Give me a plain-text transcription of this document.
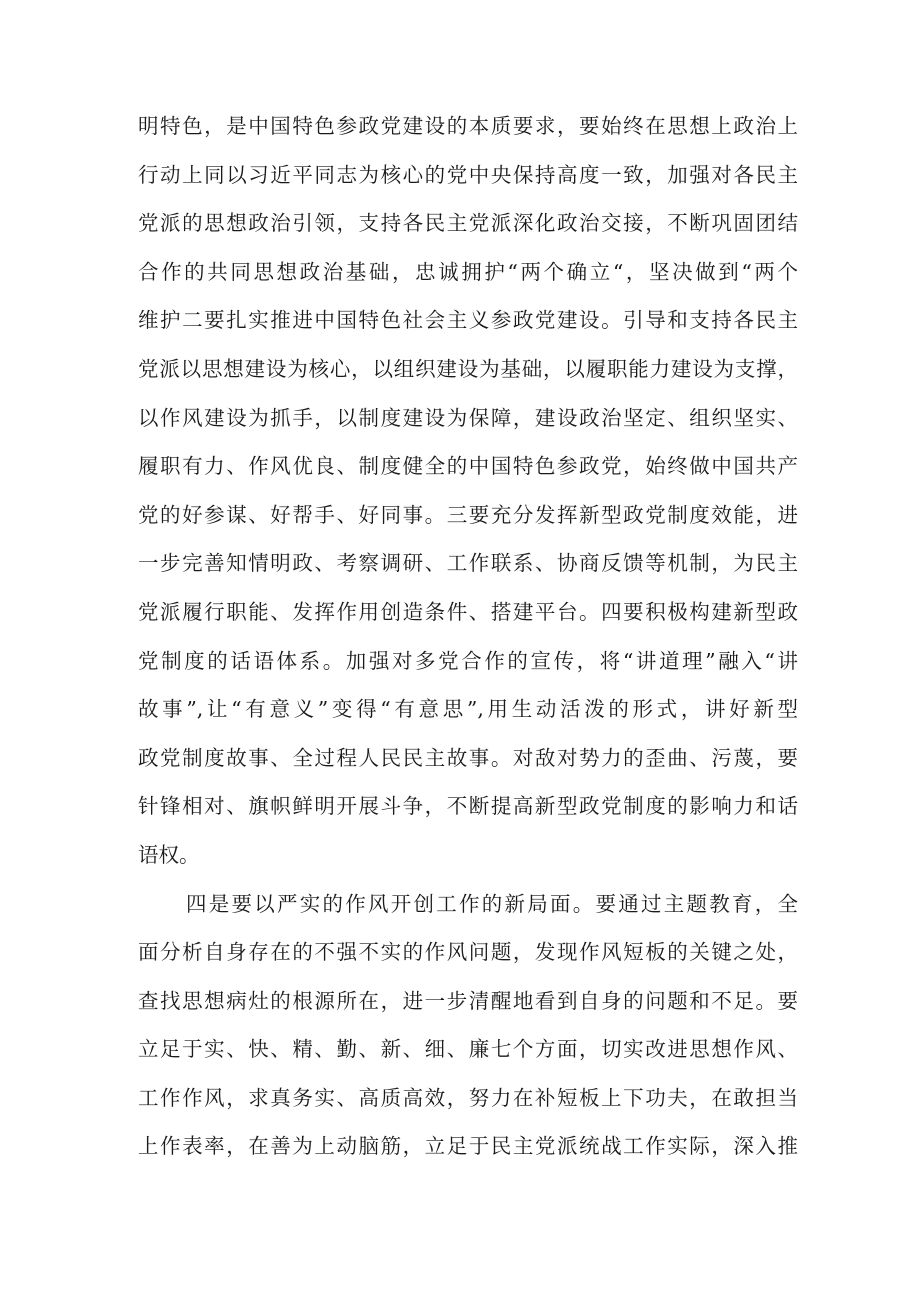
明特色，是中国特色参政党建设的本质要求，要始终在思想上政治上
行动上同以习近平同志为核心的党中央保持高度一致，加强对各民主
党派的思想政治引领，支持各民主党派深化政治交接，不断巩固团结
合作的共同思想政治基础，忠诚拥护“两个确立“，坚决做到“两个
维护二要扎实推进中国特色社会主义参政党建设。引导和支持各民主
党派以思想建设为核心，以组织建设为基础，以履职能力建设为支撑，
以作风建设为抓手，以制度建设为保障，建设政治坚定、组织坚实、
履职有力、作风优良、制度健全的中国特色参政党，始终做中国共产
党的好参谋、好帮手、好同事。三要充分发挥新型政党制度效能，进
一步完善知情明政、考察调研、工作联系、协商反馈等机制，为民主
党派履行职能、发挥作用创造条件、搭建平台。四要积极构建新型政
党制度的话语体系。加强对多党合作的宣传，将“讲道理”融入“讲
故事”,让“有意义”变得“有意思”,用生动活泼的形式，讲好新型
政党制度故事、全过程人民民主故事。对敌对势力的歪曲、污蔑，要
针锋相对、旗帜鲜明开展斗争，不断提高新型政党制度的影响力和话
语权。
四是要以严实的作风开创工作的新局面。要通过主题教育，全
面分析自身存在的不强不实的作风问题，发现作风短板的关键之处，
查找思想病灶的根源所在，进一步清醒地看到自身的问题和不足。要
立足于实、快、精、勤、新、细、廉七个方面，切实改进思想作风、
工作作风，求真务实、高质高效，努力在补短板上下功夫，在敢担当
上作表率，在善为上动脑筋，立足于民主党派统战工作实际，深入推
